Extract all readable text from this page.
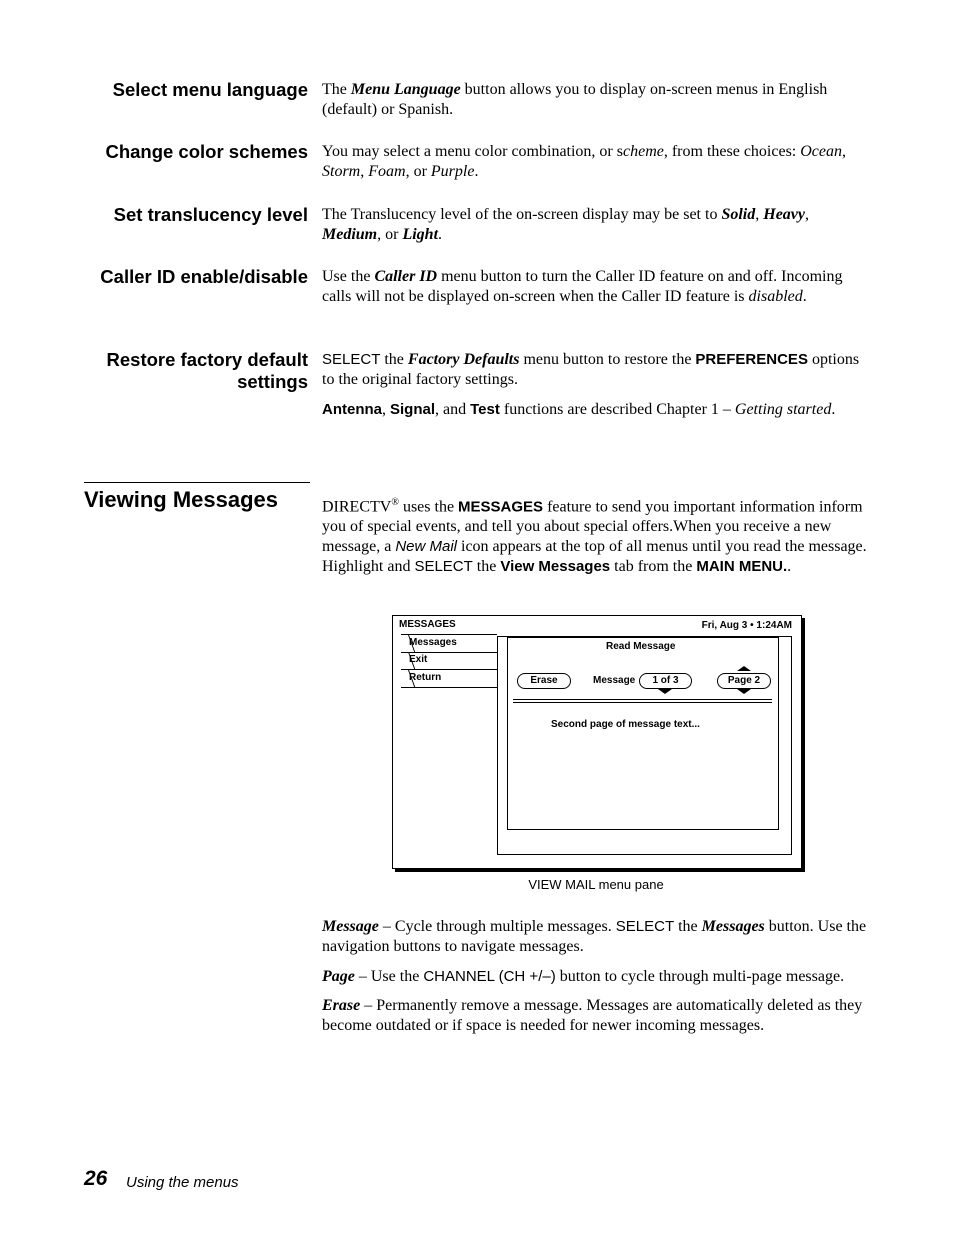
Select menu language The Menu Language button allows you to display on-screen menus in English (default) or Spanish.
Change color schemes You may select a menu color combination, or scheme, from these choices: Ocean, Storm, Foam, or Purple.
Set translucency level The Translucency level of the on-screen display may be set to Solid, Heavy, Medium, or Light.
Caller ID enable/disable Use the Caller ID menu button to turn the Caller ID feature on and off. Incoming calls will not be displayed on-screen when the Caller ID feature is disabled.
Restore factory default
settings
SELECT the Factory Defaults menu button to restore the PREFERENCES options to the original factory settings.
Antenna, Signal, and Test functions are described Chapter 1 – Getting started.
Viewing Messages	DIRECTV® uses the MESSAGES feature to send you important information inform you of special events, and tell you about special offers.When you receive a new message, a New Mail icon appears at the top of all menus until you read the message. Highlight and SELECT the View Messages tab from the MAIN MENU..
MESSAGES	Fri, Aug 3 • 1:24AM
Messages
Exit
Return
Read Message
Erase	Message	1 of 3	Page 2
Second page of message text...
VIEW MAIL menu pane
Message – Cycle through multiple messages. SELECT the Messages button. Use the navigation buttons to navigate messages.
Page – Use the CHANNEL (CH +/–) button to cycle through multi-page message.
Erase – Permanently remove a message. Messages are automatically deleted as they become outdated or if space is needed for newer incoming messages.
26 Using the menus
